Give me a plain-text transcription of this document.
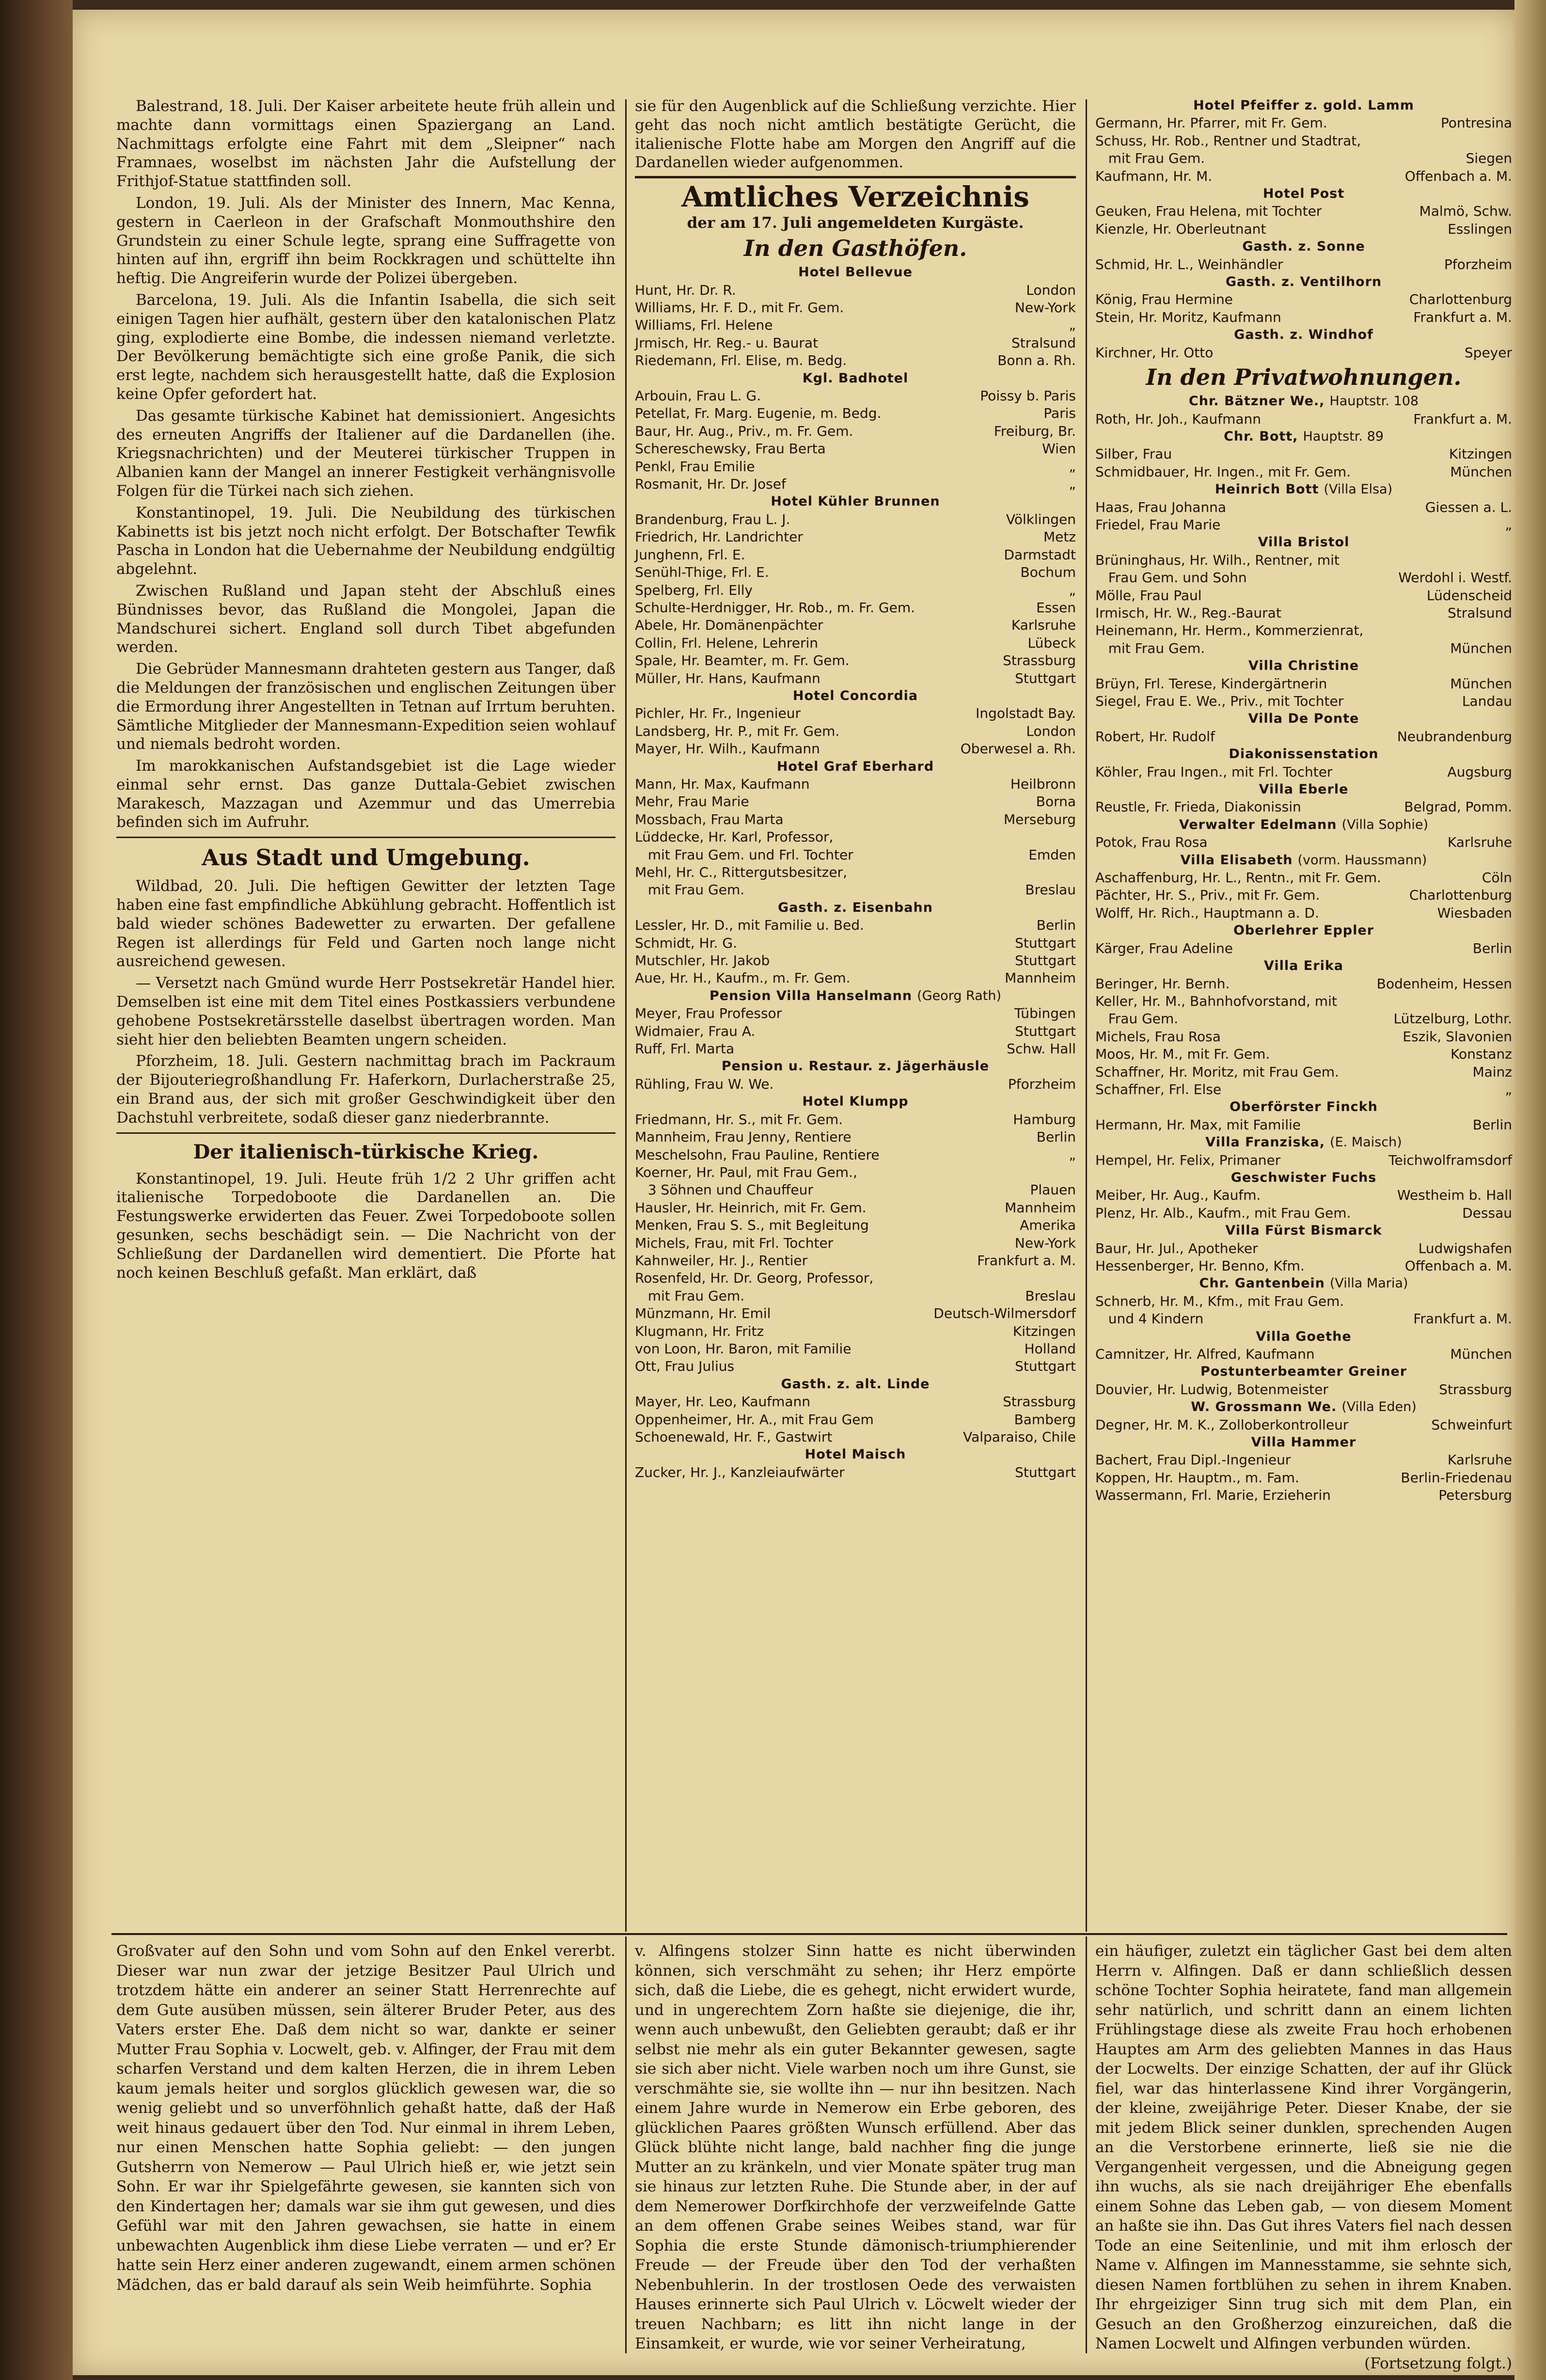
Balestrand, 18. Juli. Der Kaiser arbeitete heute früh allein und machte dann vormittags einen Spaziergang an Land. Nachmittags erfolgte eine Fahrt mit dem „Sleipner“ nach Framnaes, woselbst im nächsten Jahr die Aufstellung der Frithjof-Statue stattfinden soll.

London, 19. Juli. Als der Minister des Innern, Mac Kenna, gestern in Caerleon in der Grafschaft Monmouthshire den Grundstein zu einer Schule legte, sprang eine Suffragette von hinten auf ihn, ergriff ihn beim Rockkragen und schüttelte ihn heftig. Die Angreiferin wurde der Polizei übergeben.

Barcelona, 19. Juli. Als die Infantin Isabella, die sich seit einigen Tagen hier aufhält, gestern über den katalonischen Platz ging, explodierte eine Bombe, die indessen niemand verletzte. Der Bevölkerung bemächtigte sich eine große Panik, die sich erst legte, nachdem sich herausgestellt hatte, daß die Explosion keine Opfer gefordert hat.

Das gesamte türkische Kabinet hat demissioniert. Angesichts des erneuten Angriffs der Italiener auf die Dardanellen (ihe. Kriegsnachrichten) und der Meuterei türkischer Truppen in Albanien kann der Mangel an innerer Festigkeit verhängnisvolle Folgen für die Türkei nach sich ziehen.

Konstantinopel, 19. Juli. Die Neubildung des türkischen Kabinetts ist bis jetzt noch nicht erfolgt. Der Botschafter Tewfik Pascha in London hat die Uebernahme der Neubildung endgültig abgelehnt.

Zwischen Rußland und Japan steht der Abschluß eines Bündnisses bevor, das Rußland die Mongolei, Japan die Mandschurei sichert. England soll durch Tibet abgefunden werden.

Die Gebrüder Mannesmann drahteten gestern aus Tanger, daß die Meldungen der französischen und englischen Zeitungen über die Ermordung ihrer Angestellten in Tetnan auf Irrtum beruhten. Sämtliche Mitglieder der Mannesmann-Expedition seien wohlauf und niemals bedroht worden.

Im marokkanischen Aufstandsgebiet ist die Lage wieder einmal sehr ernst. Das ganze Duttala-Gebiet zwischen Marakesch, Mazzagan und Azemmur und das Umerrebia befinden sich im Aufruhr.

Aus Stadt und Umgebung.

Wildbad, 20. Juli. Die heftigen Gewitter der letzten Tage haben eine fast empfindliche Abkühlung gebracht. Hoffentlich ist bald wieder schönes Badewetter zu erwarten. Der gefallene Regen ist allerdings für Feld und Garten noch lange nicht ausreichend gewesen.

— Versetzt nach Gmünd wurde Herr Postsekretär Handel hier. Demselben ist eine mit dem Titel eines Postkassiers verbundene gehobene Postsekretärsstelle daselbst übertragen worden. Man sieht hier den beliebten Beamten ungern scheiden.

Pforzheim, 18. Juli. Gestern nachmittag brach im Packraum der Bijouteriegroßhandlung Fr. Haferkorn, Durlacherstraße 25, ein Brand aus, der sich mit großer Geschwindigkeit über den Dachstuhl verbreitete, sodaß dieser ganz niederbrannte.

Der italienisch-türkische Krieg.

Konstantinopel, 19. Juli. Heute früh 1/2 2 Uhr griffen acht italienische Torpedoboote die Dardanellen an. Die Festungswerke erwiderten das Feuer. Zwei Torpedoboote sollen gesunken, sechs beschädigt sein. — Die Nachricht von der Schließung der Dardanellen wird dementiert. Die Pforte hat noch keinen Beschluß gefaßt. Man erklärt, daß

sie für den Augenblick auf die Schließung verzichte. Hier geht das noch nicht amtlich bestätigte Gerücht, die italienische Flotte habe am Morgen den Angriff auf die Dardanellen wieder aufgenommen.

Amtliches Verzeichnis
der am 17. Juli angemeldeten Kurgäste.
In den Gasthöfen.
Hotel Bellevue
Hunt, Hr. Dr. R.	London
Williams, Hr. F. D., mit Fr. Gem.	New-York
Williams, Frl. Helene	„
Jrmisch, Hr. Reg.- u. Baurat	Stralsund
Riedemann, Frl. Elise, m. Bedg.	Bonn a. Rh.
Kgl. Badhotel
Arbouin, Frau L. G.	Poissy b. Paris
Petellat, Fr. Marg. Eugenie, m. Bedg.	Paris
Baur, Hr. Aug., Priv., m. Fr. Gem.	Freiburg, Br.
Schereschewsky, Frau Berta	Wien
Penkl, Frau Emilie	„
Rosmanit, Hr. Dr. Josef	„
Hotel Kühler Brunnen
Brandenburg, Frau L. J.	Völklingen
Friedrich, Hr. Landrichter	Metz
Junghenn, Frl. E.	Darmstadt
Senühl-Thige, Frl. E.	Bochum
Spelberg, Frl. Elly	„
Schulte-Herdnigger, Hr. Rob., m. Fr. Gem.	Essen
Abele, Hr. Domänenpächter	Karlsruhe
Collin, Frl. Helene, Lehrerin	Lübeck
Spale, Hr. Beamter, m. Fr. Gem.	Strassburg
Müller, Hr. Hans, Kaufmann	Stuttgart
Hotel Concordia
Pichler, Hr. Fr., Ingenieur	Ingolstadt Bay.
Landsberg, Hr. P., mit Fr. Gem.	London
Mayer, Hr. Wilh., Kaufmann	Oberwesel a. Rh.
Hotel Graf Eberhard
Mann, Hr. Max, Kaufmann	Heilbronn
Mehr, Frau Marie	Borna
Mossbach, Frau Marta	Merseburg
Lüddecke, Hr. Karl, Professor,
mit Frau Gem. und Frl. Tochter	Emden
Mehl, Hr. C., Rittergutsbesitzer,
mit Frau Gem.	Breslau
Gasth. z. Eisenbahn
Lessler, Hr. D., mit Familie u. Bed.	Berlin
Schmidt, Hr. G.	Stuttgart
Mutschler, Hr. Jakob	Stuttgart
Aue, Hr. H., Kaufm., m. Fr. Gem.	Mannheim
Pension Villa Hanselmann (Georg Rath)
Meyer, Frau Professor	Tübingen
Widmaier, Frau A.	Stuttgart
Ruff, Frl. Marta	Schw. Hall
Pension u. Restaur. z. Jägerhäusle
Rühling, Frau W. We.	Pforzheim
Hotel Klumpp
Friedmann, Hr. S., mit Fr. Gem.	Hamburg
Mannheim, Frau Jenny, Rentiere	Berlin
Meschelsohn, Frau Pauline, Rentiere	„
Koerner, Hr. Paul, mit Frau Gem.,
3 Söhnen und Chauffeur	Plauen
Hausler, Hr. Heinrich, mit Fr. Gem.	Mannheim
Menken, Frau S. S., mit Begleitung	Amerika
Michels, Frau, mit Frl. Tochter	New-York
Kahnweiler, Hr. J., Rentier	Frankfurt a. M.
Rosenfeld, Hr. Dr. Georg, Professor,
mit Frau Gem.	Breslau
Münzmann, Hr. Emil	Deutsch-Wilmersdorf
Klugmann, Hr. Fritz	Kitzingen
von Loon, Hr. Baron, mit Familie	Holland
Ott, Frau Julius	Stuttgart
Gasth. z. alt. Linde
Mayer, Hr. Leo, Kaufmann	Strassburg
Oppenheimer, Hr. A., mit Frau Gem	Bamberg
Schoenewald, Hr. F., Gastwirt	Valparaiso, Chile
Hotel Maisch
Zucker, Hr. J., Kanzleiaufwärter	Stuttgart
Hotel Pfeiffer z. gold. Lamm
Germann, Hr. Pfarrer, mit Fr. Gem.	Pontresina
Schuss, Hr. Rob., Rentner und Stadtrat,
mit Frau Gem.	Siegen
Kaufmann, Hr. M.	Offenbach a. M.
Hotel Post
Geuken, Frau Helena, mit Tochter	Malmö, Schw.
Kienzle, Hr. Oberleutnant	Esslingen
Gasth. z. Sonne
Schmid, Hr. L., Weinhändler	Pforzheim
Gasth. z. Ventilhorn
König, Frau Hermine	Charlottenburg
Stein, Hr. Moritz, Kaufmann	Frankfurt a. M.
Gasth. z. Windhof
Kirchner, Hr. Otto	Speyer
In den Privatwohnungen.
Chr. Bätzner We., Hauptstr. 108
Roth, Hr. Joh., Kaufmann	Frankfurt a. M.
Chr. Bott, Hauptstr. 89
Silber, Frau	Kitzingen
Schmidbauer, Hr. Ingen., mit Fr. Gem.	München
Heinrich Bott (Villa Elsa)
Haas, Frau Johanna	Giessen a. L.
Friedel, Frau Marie	„
Villa Bristol
Brüninghaus, Hr. Wilh., Rentner, mit
Frau Gem. und Sohn	Werdohl i. Westf.
Mölle, Frau Paul	Lüdenscheid
Irmisch, Hr. W., Reg.-Baurat	Stralsund
Heinemann, Hr. Herm., Kommerzienrat,
mit Frau Gem.	München
Villa Christine
Brüyn, Frl. Terese, Kindergärtnerin	München
Siegel, Frau E. We., Priv., mit Tochter	Landau
Villa De Ponte
Robert, Hr. Rudolf	Neubrandenburg
Diakonissenstation
Köhler, Frau Ingen., mit Frl. Tochter	Augsburg
Villa Eberle
Reustle, Fr. Frieda, Diakonissin	Belgrad, Pomm.
Verwalter Edelmann (Villa Sophie)
Potok, Frau Rosa	Karlsruhe
Villa Elisabeth (vorm. Haussmann)
Aschaffenburg, Hr. L., Rentn., mit Fr. Gem.	Cöln
Pächter, Hr. S., Priv., mit Fr. Gem.	Charlottenburg
Wolff, Hr. Rich., Hauptmann a. D.	Wiesbaden
Oberlehrer Eppler
Kärger, Frau Adeline	Berlin
Villa Erika
Beringer, Hr. Bernh.	Bodenheim, Hessen
Keller, Hr. M., Bahnhofvorstand, mit
Frau Gem.	Lützelburg, Lothr.
Michels, Frau Rosa	Eszik, Slavonien
Moos, Hr. M., mit Fr. Gem.	Konstanz
Schaffner, Hr. Moritz, mit Frau Gem.	Mainz
Schaffner, Frl. Else	„
Oberförster Finckh
Hermann, Hr. Max, mit Familie	Berlin
Villa Franziska, (E. Maisch)
Hempel, Hr. Felix, Primaner	Teichwolframsdorf
Geschwister Fuchs
Meiber, Hr. Aug., Kaufm.	Westheim b. Hall
Plenz, Hr. Alb., Kaufm., mit Frau Gem.	Dessau
Villa Fürst Bismarck
Baur, Hr. Jul., Apotheker	Ludwigshafen
Hessenberger, Hr. Benno, Kfm.	Offenbach a. M.
Chr. Gantenbein (Villa Maria)
Schnerb, Hr. M., Kfm., mit Frau Gem.
und 4 Kindern	Frankfurt a. M.
Villa Goethe
Camnitzer, Hr. Alfred, Kaufmann	München
Postunterbeamter Greiner
Douvier, Hr. Ludwig, Botenmeister	Strassburg
W. Grossmann We. (Villa Eden)
Degner, Hr. M. K., Zolloberkontrolleur	Schweinfurt
Villa Hammer
Bachert, Frau Dipl.-Ingenieur	Karlsruhe
Koppen, Hr. Hauptm., m. Fam.	Berlin-Friedenau
Wassermann, Frl. Marie, Erzieherin	Petersburg

Großvater auf den Sohn und vom Sohn auf den Enkel vererbt. Dieser war nun zwar der jetzige Besitzer Paul Ulrich und trotzdem hätte ein anderer an seiner Statt Herrenrechte auf dem Gute ausüben müssen, sein älterer Bruder Peter, aus des Vaters erster Ehe. Daß dem nicht so war, dankte er seiner Mutter Frau Sophia v. Locwelt, geb. v. Alfinger, der Frau mit dem scharfen Verstand und dem kalten Herzen, die in ihrem Leben kaum jemals heiter und sorglos glücklich gewesen war, die so wenig geliebt und so unverföhnlich gehaßt hatte, daß der Haß weit hinaus gedauert über den Tod. Nur einmal in ihrem Leben, nur einen Menschen hatte Sophia geliebt: — den jungen Gutsherrn von Nemerow — Paul Ulrich hieß er, wie jetzt sein Sohn. Er war ihr Spielgefährte gewesen, sie kannten sich von den Kindertagen her; damals war sie ihm gut gewesen, und dies Gefühl war mit den Jahren gewachsen, sie hatte in einem unbewachten Augenblick ihm diese Liebe verraten — und er? Er hatte sein Herz einer anderen zugewandt, einem armen schönen Mädchen, das er bald darauf als sein Weib heimführte. Sophia

v. Alfingens stolzer Sinn hatte es nicht überwinden können, sich verschmäht zu sehen; ihr Herz empörte sich, daß die Liebe, die es gehegt, nicht erwidert wurde, und in ungerechtem Zorn haßte sie diejenige, die ihr, wenn auch unbewußt, den Geliebten geraubt; daß er ihr selbst nie mehr als ein guter Bekannter gewesen, sagte sie sich aber nicht. Viele warben noch um ihre Gunst, sie verschmähte sie, sie wollte ihn — nur ihn besitzen. Nach einem Jahre wurde in Nemerow ein Erbe geboren, des glücklichen Paares größten Wunsch erfüllend. Aber das Glück blühte nicht lange, bald nachher fing die junge Mutter an zu kränkeln, und vier Monate später trug man sie hinaus zur letzten Ruhe. Die Stunde aber, in der auf dem Nemerower Dorfkirchhofe der verzweifelnde Gatte an dem offenen Grabe seines Weibes stand, war für Sophia die erste Stunde dämonisch-triumphierender Freude — der Freude über den Tod der verhaßten Nebenbuhlerin. In der trostlosen Oede des verwaisten Hauses erinnerte sich Paul Ulrich v. Löcwelt wieder der treuen Nachbarn; es litt ihn nicht lange in der Einsamkeit, er wurde, wie vor seiner Verheiratung,

ein häufiger, zuletzt ein täglicher Gast bei dem alten Herrn v. Alfingen. Daß er dann schließlich dessen schöne Tochter Sophia heiratete, fand man allgemein sehr natürlich, und schritt dann an einem lichten Frühlingstage diese als zweite Frau hoch erhobenen Hauptes am Arm des geliebten Mannes in das Haus der Locwelts. Der einzige Schatten, der auf ihr Glück fiel, war das hinterlassene Kind ihrer Vorgängerin, der kleine, zweijährige Peter. Dieser Knabe, der sie mit jedem Blick seiner dunklen, sprechenden Augen an die Verstorbene erinnerte, ließ sie nie die Vergangenheit vergessen, und die Abneigung gegen ihn wuchs, als sie nach dreijähriger Ehe ebenfalls einem Sohne das Leben gab, — von diesem Moment an haßte sie ihn. Das Gut ihres Vaters fiel nach dessen Tode an eine Seitenlinie, und mit ihm erlosch der Name v. Alfingen im Mannesstamme, sie sehnte sich, diesen Namen fortblühen zu sehen in ihrem Knaben. Ihr ehrgeiziger Sinn trug sich mit dem Plan, ein Gesuch an den Großherzog einzureichen, daß die Namen Locwelt und Alfingen verbunden würden.

(Fortsetzung folgt.)
